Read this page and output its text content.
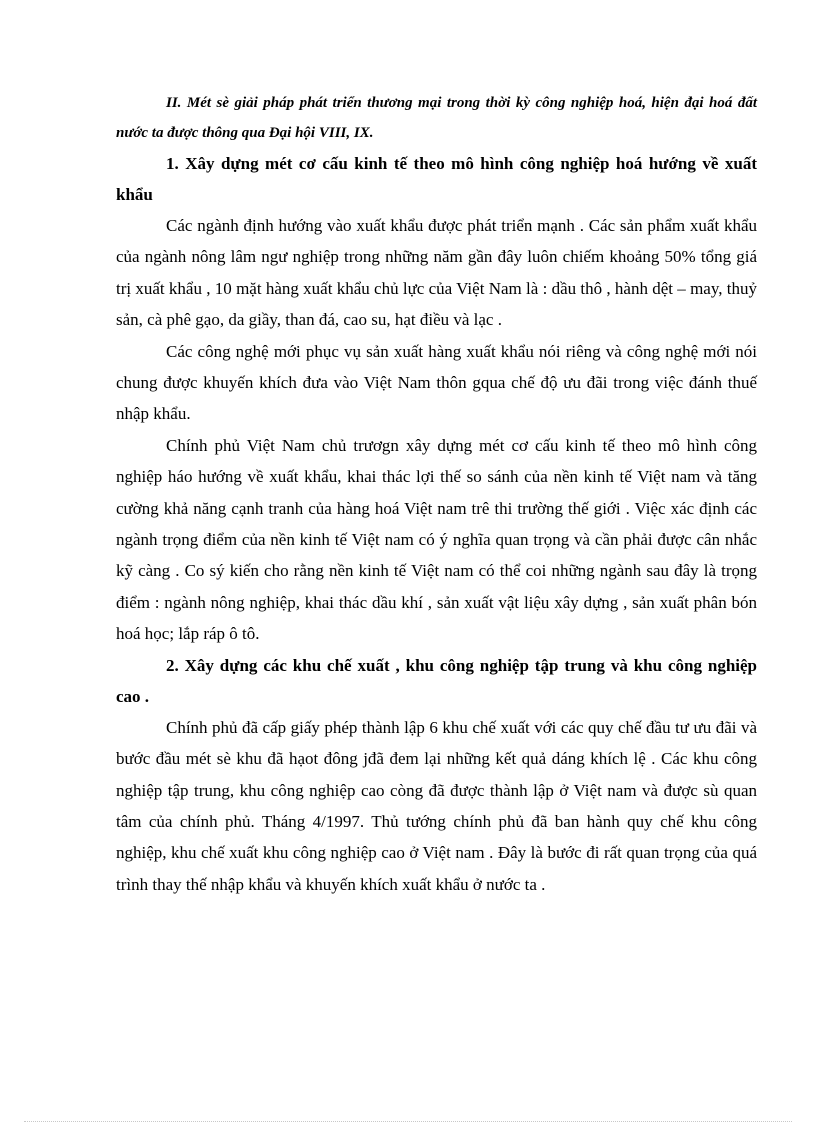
II. Mét sè giải pháp phát triển thương mại trong thời kỳ công nghiệp hoá, hiện đại hoá đất nước ta được thông qua Đại hội VIII, IX.

1. Xây dựng mét cơ cấu kinh tế theo mô hình công nghiệp hoá hướng về xuất khẩu

Các ngành định hướng vào xuất khẩu được phát triển mạnh . Các sản phẩm xuất khẩu của ngành nông lâm ngư nghiệp trong những năm gần đây luôn chiếm khoảng 50% tổng giá trị xuất khẩu , 10 mặt hàng xuất khẩu chủ lực của Việt Nam là : dầu thô , hành dệt – may, thuỷ sản, cà phê gạo, da giầy, than đá, cao su, hạt điều và lạc .

Các công nghệ mới phục vụ sản xuất hàng xuất khẩu nói riêng và công nghệ mới nói chung được khuyến khích đưa vào Việt Nam thôn gqua chế độ ưu đãi trong việc đánh thuế nhập khẩu.

Chính phủ Việt Nam chủ trươgn xây dựng mét cơ cấu kinh tế theo mô hình công nghiệp háo hướng về xuất khẩu, khai thác lợi thế so sánh của nền kinh tế Việt nam và tăng cường khả năng cạnh tranh của hàng hoá Việt nam trê thi trường thế giới . Việc xác định các ngành trọng điểm của nền kinh tế Việt nam có ý nghĩa quan trọng và cần phải được cân nhắc kỹ càng . Co sý kiến cho rằng nền kinh tế Việt nam có thể coi những ngành sau đây là trọng điểm : ngành nông nghiệp, khai thác dầu khí , sản xuất vật liệu xây dựng , sản xuất phân bón hoá học; lắp ráp ô tô.

2. Xây dựng các khu chế xuất , khu công nghiệp tập trung và khu công nghiệp cao .

Chính phủ đã cấp giấy phép thành lập 6 khu chế xuất với các quy chế đầu tư ưu đãi và bước đầu mét sè khu đã hạot đông jđã đem lại những kết quả dáng khích lệ . Các khu công nghiệp tập trung, khu công nghiệp cao còng đã được thành lập ở Việt nam và được sù quan tâm của chính phủ. Tháng 4/1997. Thủ tướng chính phủ đã ban hành quy chế khu công nghiệp, khu chế xuất khu công nghiệp cao ở Việt nam . Đây là bước đi rất quan trọng của quá trình thay thế nhập khẩu và khuyến khích xuất khẩu ở nước ta .
